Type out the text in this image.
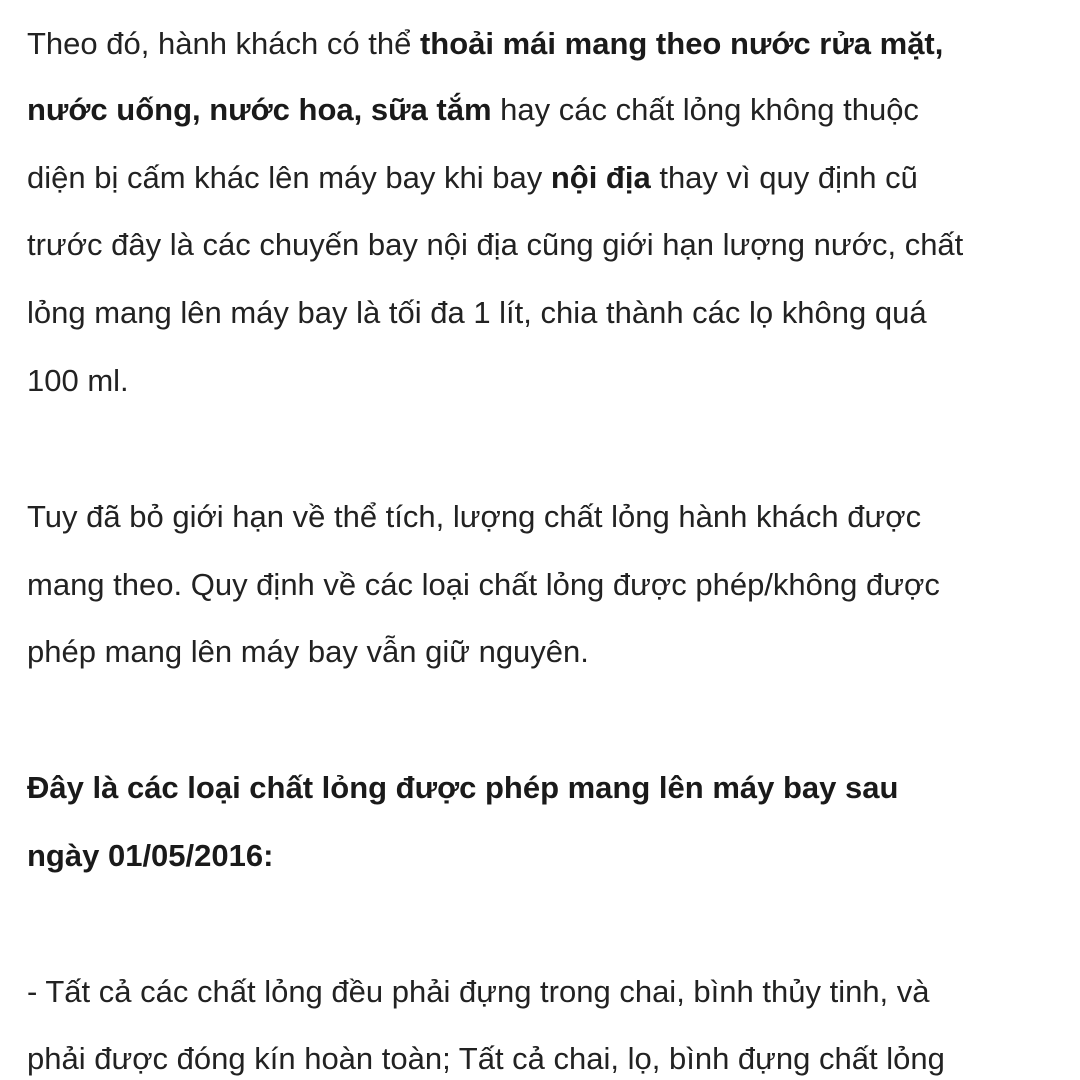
Theo đó, hành khách có thể thoải mái mang theo nước rửa mặt,
nước uống, nước hoa, sữa tắm hay các chất lỏng không thuộc
diện bị cấm khác lên máy bay khi bay nội địa thay vì quy định cũ
trước đây là các chuyến bay nội địa cũng giới hạn lượng nước, chất
lỏng mang lên máy bay là tối đa 1 lít, chia thành các lọ không quá
100 ml.
Tuy đã bỏ giới hạn về thể tích, lượng chất lỏng hành khách được
mang theo. Quy định về các loại chất lỏng được phép/không được
phép mang lên máy bay vẫn giữ nguyên.
Đây là các loại chất lỏng được phép mang lên máy bay sau
ngày 01/05/2016:
- Tất cả các chất lỏng đều phải đựng trong chai, bình thủy tinh, và
phải được đóng kín hoàn toàn; Tất cả chai, lọ, bình đựng chất lỏng
